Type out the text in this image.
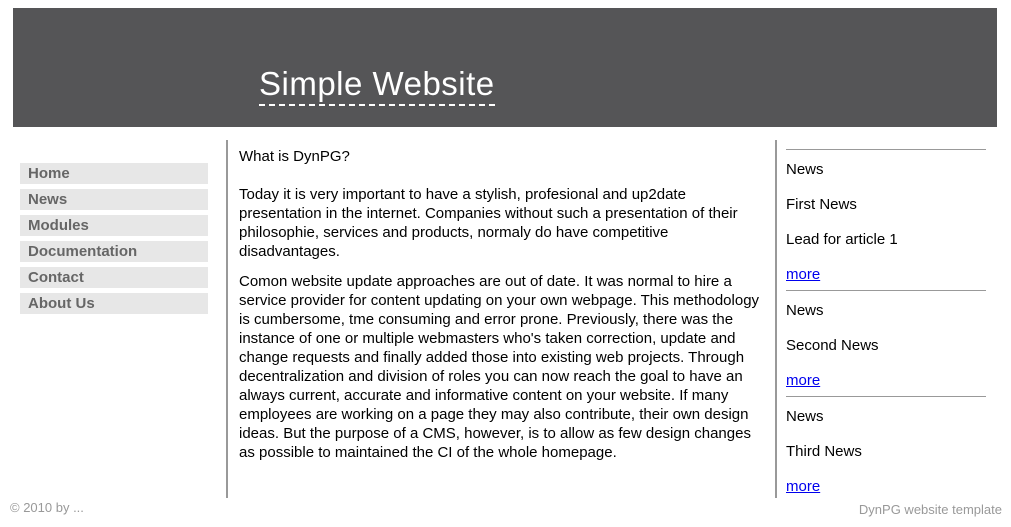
Simple Website
Home
News
Modules
Documentation
Contact
About Us
What is DynPG?

Today it is very important to have a stylish, profesional and up2date presentation in the internet. Companies without such a presentation of their philosophie, services and products, normaly do have competitive disadvantages.

Comon website update approaches are out of date. It was normal to hire a service provider for content updating on your own webpage. This methodology is cumbersome, tme consuming and error prone. Previously, there was the instance of one or multiple webmasters who's taken correction, update and change requests and finally added those into existing web projects. Through decentralization and division of roles you can now reach the goal to have an always current, accurate and informative content on your website. If many employees are working on a page they may also contribute, their own design ideas. But the purpose of a CMS, however, is to allow as few design changes as possible to maintained the CI of the whole homepage.

News

First News

Lead for article 1

more

News

Second News

more

News

Third News

more

© 2010 by ...	DynPG website template
